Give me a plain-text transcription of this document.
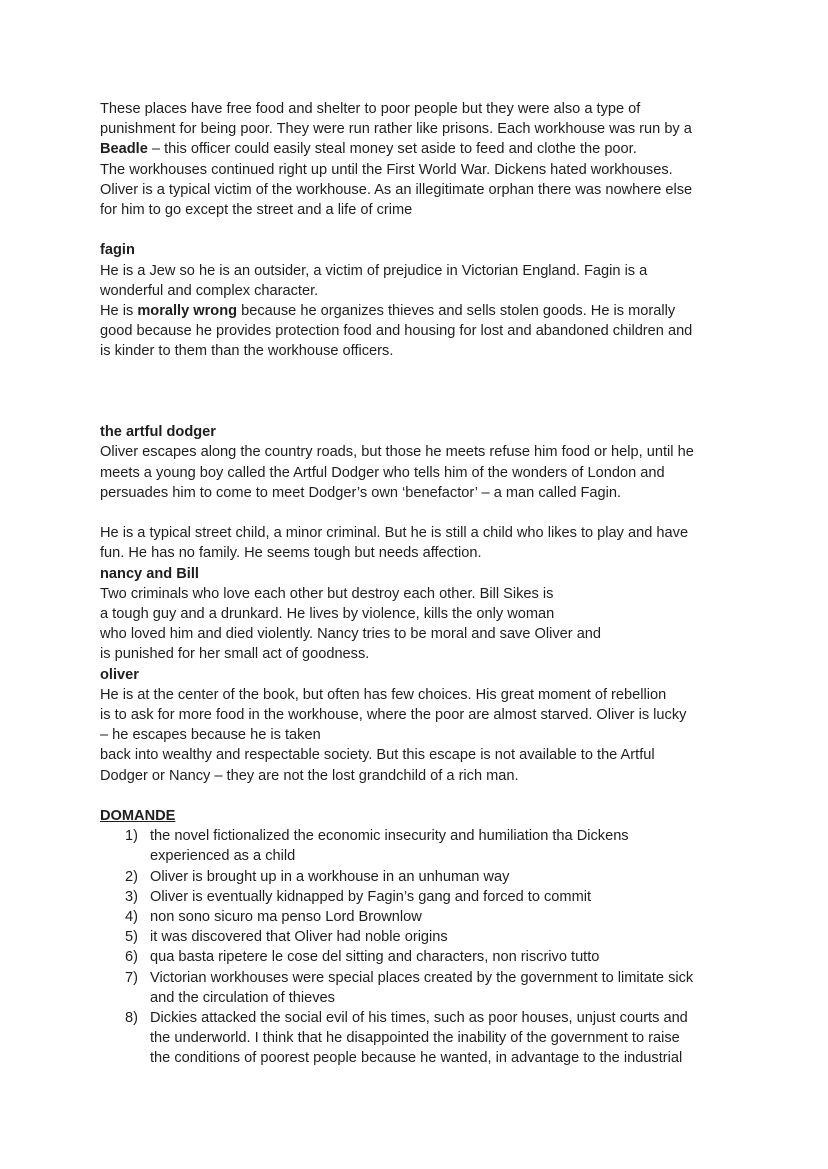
These places have free food and shelter to poor people but they were also a type of
punishment for being poor. They were run rather like prisons. Each workhouse was run by a
Beadle – this officer could easily steal money set aside to feed and clothe the poor.
The workhouses continued right up until the First World War. Dickens hated workhouses.
Oliver is a typical victim of the workhouse. As an illegitimate orphan there was nowhere else
for him to go except the street and a life of crime
fagin
He is a Jew so he is an outsider, a victim of prejudice in Victorian England. Fagin is a
wonderful and complex character.
He is morally wrong because he organizes thieves and sells stolen goods. He is morally
good because he provides protection food and housing for lost and abandoned children and
is kinder to them than the workhouse officers.
the artful dodger
Oliver escapes along the country roads, but those he meets refuse him food or help, until he
meets a young boy called the Artful Dodger who tells him of the wonders of London and
persuades him to come to meet Dodger’s own ‘benefactor’ – a man called Fagin.
He is a typical street child, a minor criminal. But he is still a child who likes to play and have
fun. He has no family. He seems tough but needs affection.
nancy and Bill
Two criminals who love each other but destroy each other. Bill Sikes is
a tough guy and a drunkard. He lives by violence, kills the only woman
who loved him and died violently. Nancy tries to be moral and save Oliver and
is punished for her small act of goodness.
oliver
He is at the center of the book, but often has few choices. His great moment of rebellion
is to ask for more food in the workhouse, where the poor are almost starved. Oliver is lucky
– he escapes because he is taken
back into wealthy and respectable society. But this escape is not available to the Artful
Dodger or Nancy – they are not the lost grandchild of a rich man.
DOMANDE
1) the novel fictionalized the economic insecurity and humiliation tha Dickens
experienced as a child
2) Oliver is brought up in a workhouse in an unhuman way
3) Oliver is eventually kidnapped by Fagin’s gang and forced to commit
4) non sono sicuro ma penso Lord Brownlow
5) it was discovered that Oliver had noble origins
6) qua basta ripetere le cose del sitting and characters, non riscrivo tutto
7) Victorian workhouses were special places created by the government to limitate sick
and the circulation of thieves
8) Dickies attacked the social evil of his times, such as poor houses, unjust courts and
the underworld. I think that he disappointed the inability of the government to raise
the conditions of poorest people because he wanted, in advantage to the industrial
